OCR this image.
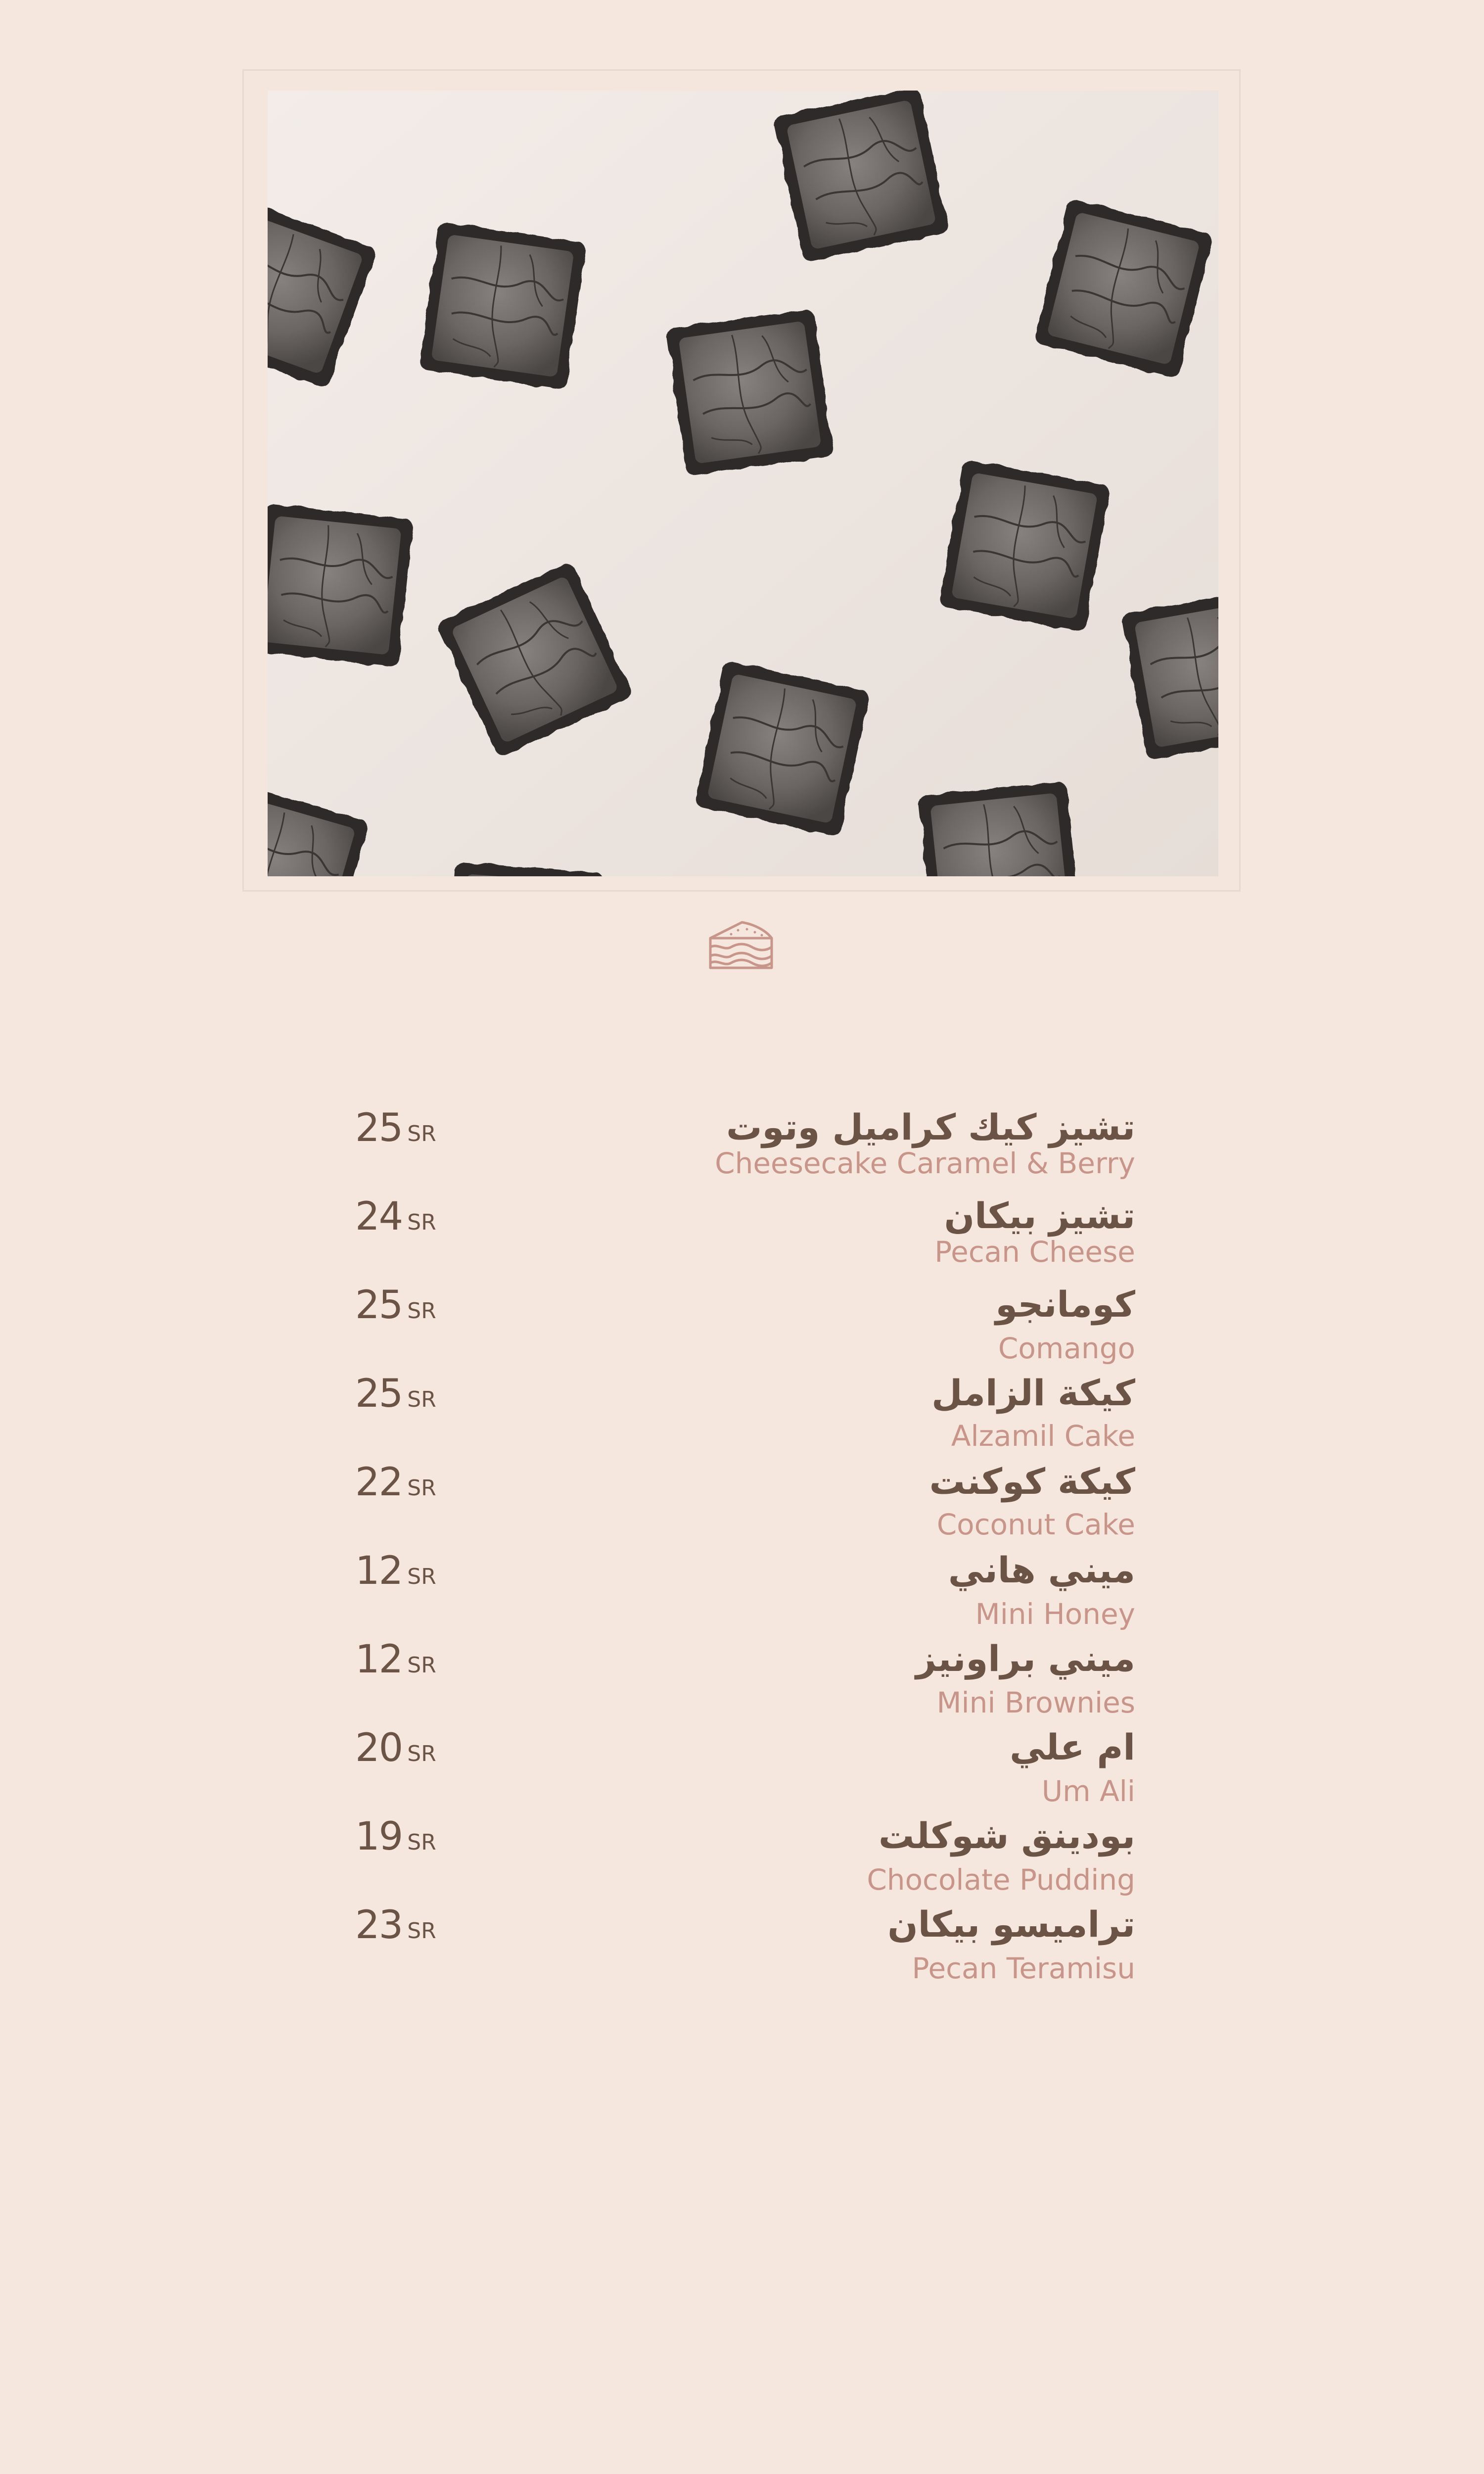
تشيز كيك كراميل وتوت
Cheesecake Caramel & Berry
25 SR
تشيز بيكان
Pecan Cheese
24 SR
كومانجو
Comango
25 SR
كيكة الزامل
Alzamil Cake
25 SR
كيكة كوكنت
Coconut Cake
22 SR
ميني هاني
Mini Honey
12 SR
ميني براونيز
Mini Brownies
12 SR
ام علي
Um Ali
20 SR
بودينق شوكلت
Chocolate Pudding
19 SR
تراميسو بيكان
Pecan Teramisu
23 SR
